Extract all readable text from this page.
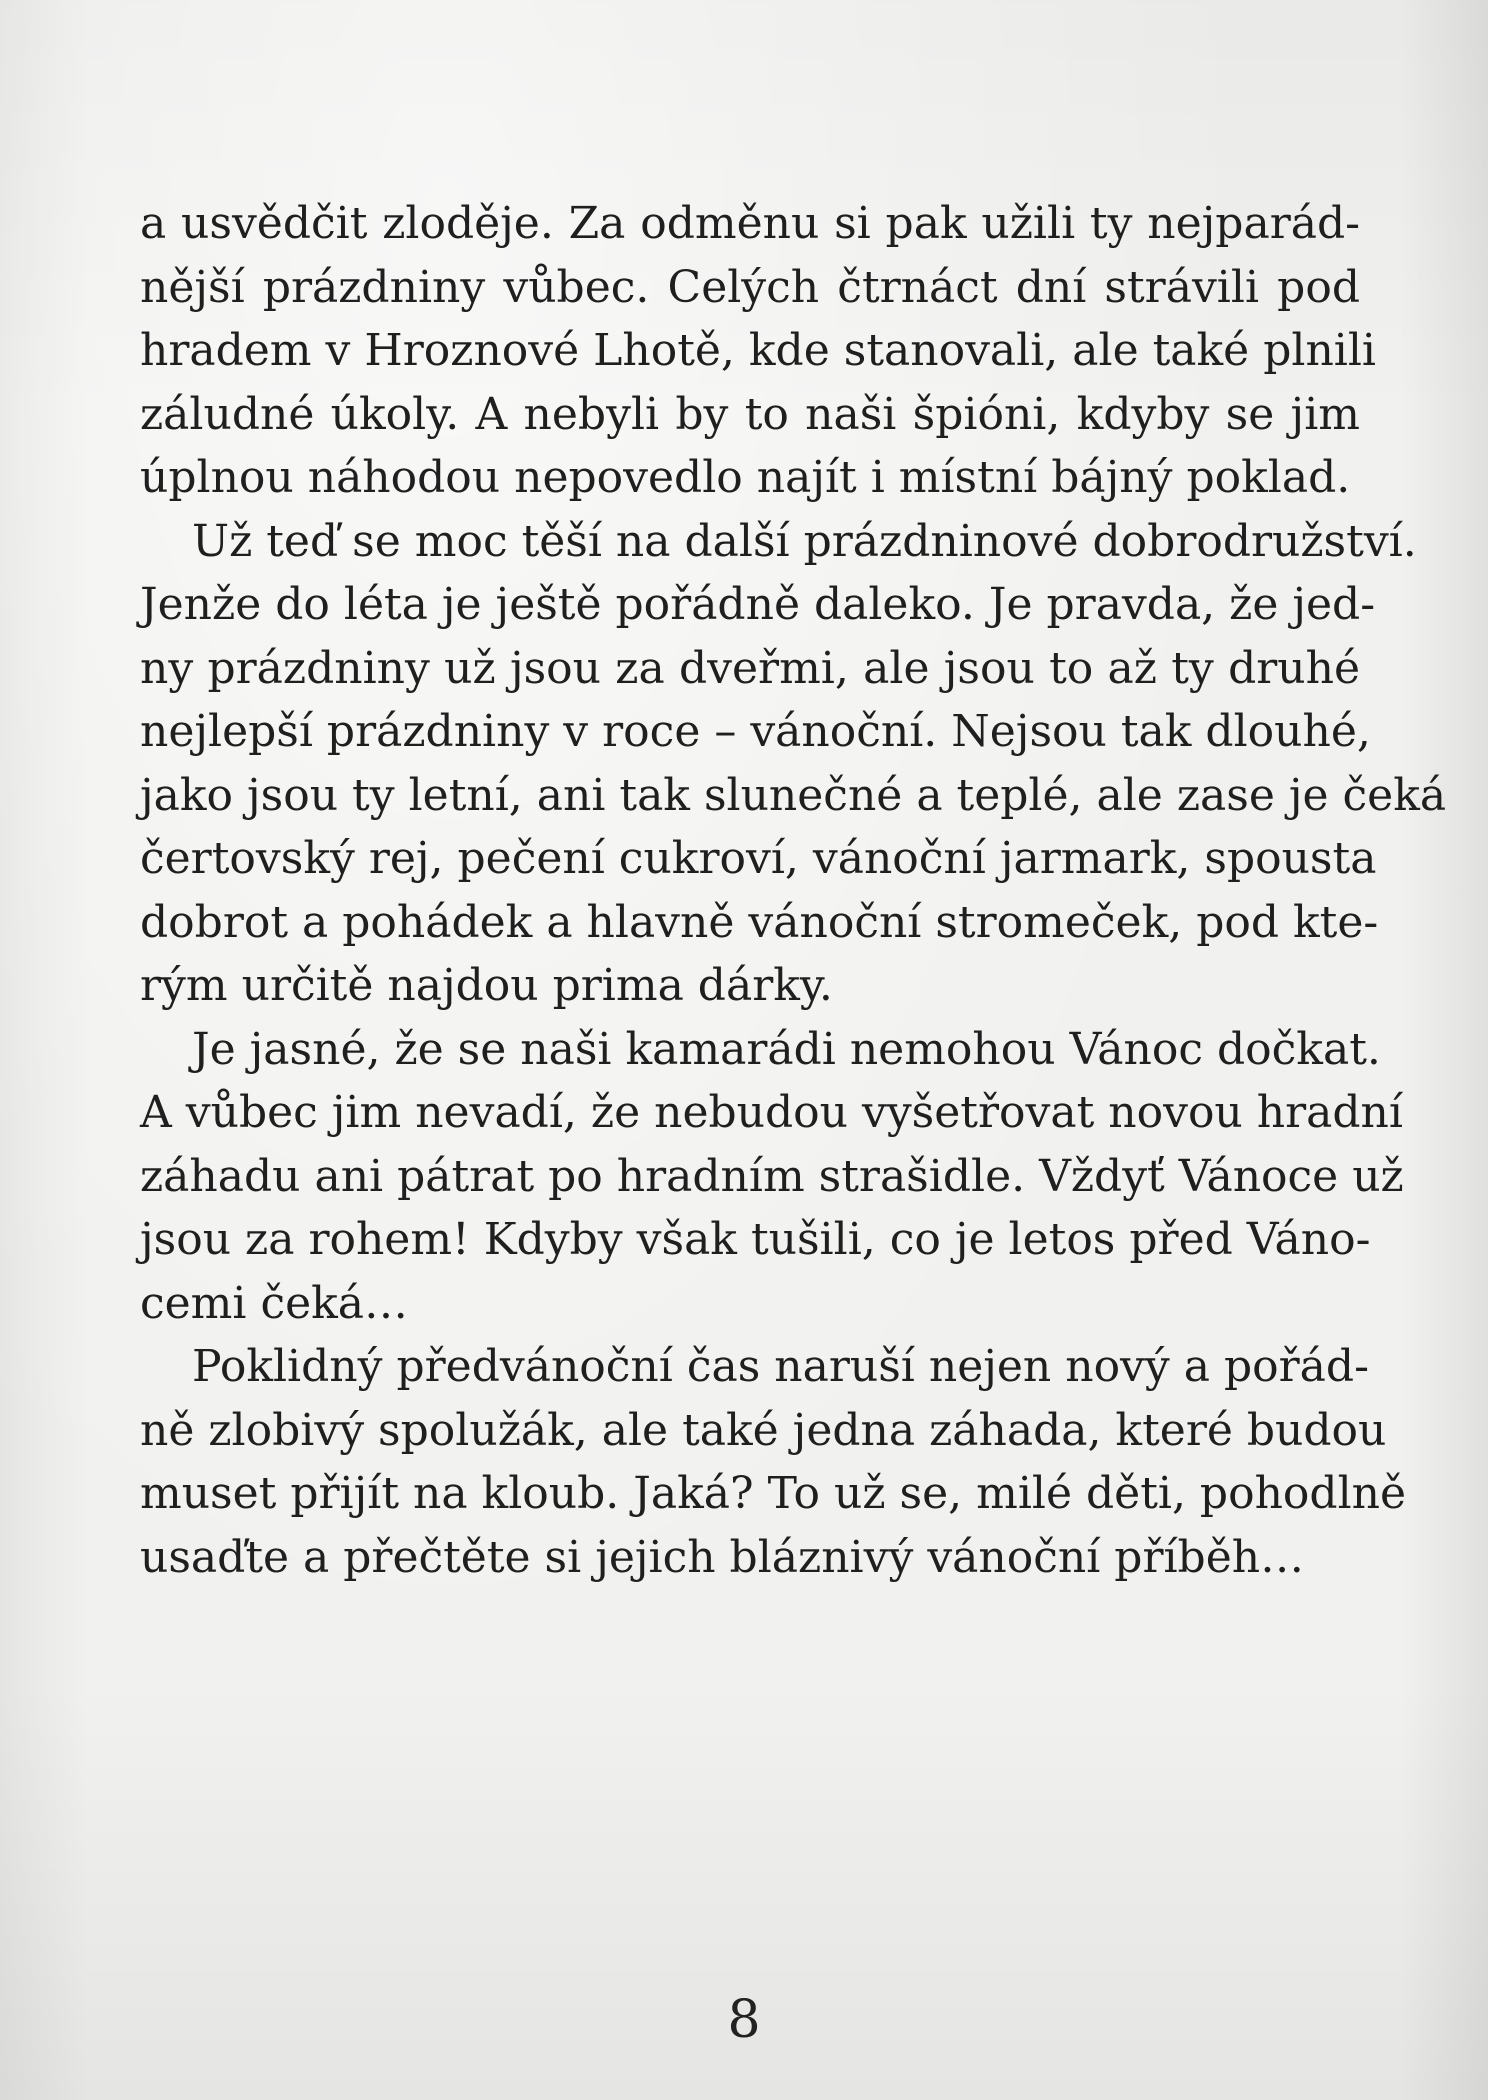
a usvědčit zloděje. Za odměnu si pak užili ty nejparád-
nější prázdniny vůbec. Celých čtrnáct dní strávili pod
hradem v Hroznové Lhotě, kde stanovali, ale také plnili
záludné úkoly. A nebyli by to naši špióni, kdyby se jim
úplnou náhodou nepovedlo najít i místní bájný poklad.
Už teď se moc těší na další prázdninové dobrodružství.
Jenže do léta je ještě pořádně daleko. Je pravda, že jed-
ny prázdniny už jsou za dveřmi, ale jsou to až ty druhé
nejlepší prázdniny v roce – vánoční. Nejsou tak dlouhé,
jako jsou ty letní, ani tak slunečné a teplé, ale zase je čeká
čertovský rej, pečení cukroví, vánoční jarmark, spousta
dobrot a pohádek a hlavně vánoční stromeček, pod kte-
rým určitě najdou prima dárky.
Je jasné, že se naši kamarádi nemohou Vánoc dočkat.
A vůbec jim nevadí, že nebudou vyšetřovat novou hradní
záhadu ani pátrat po hradním strašidle. Vždyť Vánoce už
jsou za rohem! Kdyby však tušili, co je letos před Váno-
cemi čeká…
Poklidný předvánoční čas naruší nejen nový a pořád-
ně zlobivý spolužák, ale také jedna záhada, které budou
muset přijít na kloub. Jaká? To už se, milé děti, pohodlně
usaďte a přečtěte si jejich bláznivý vánoční příběh…
8
